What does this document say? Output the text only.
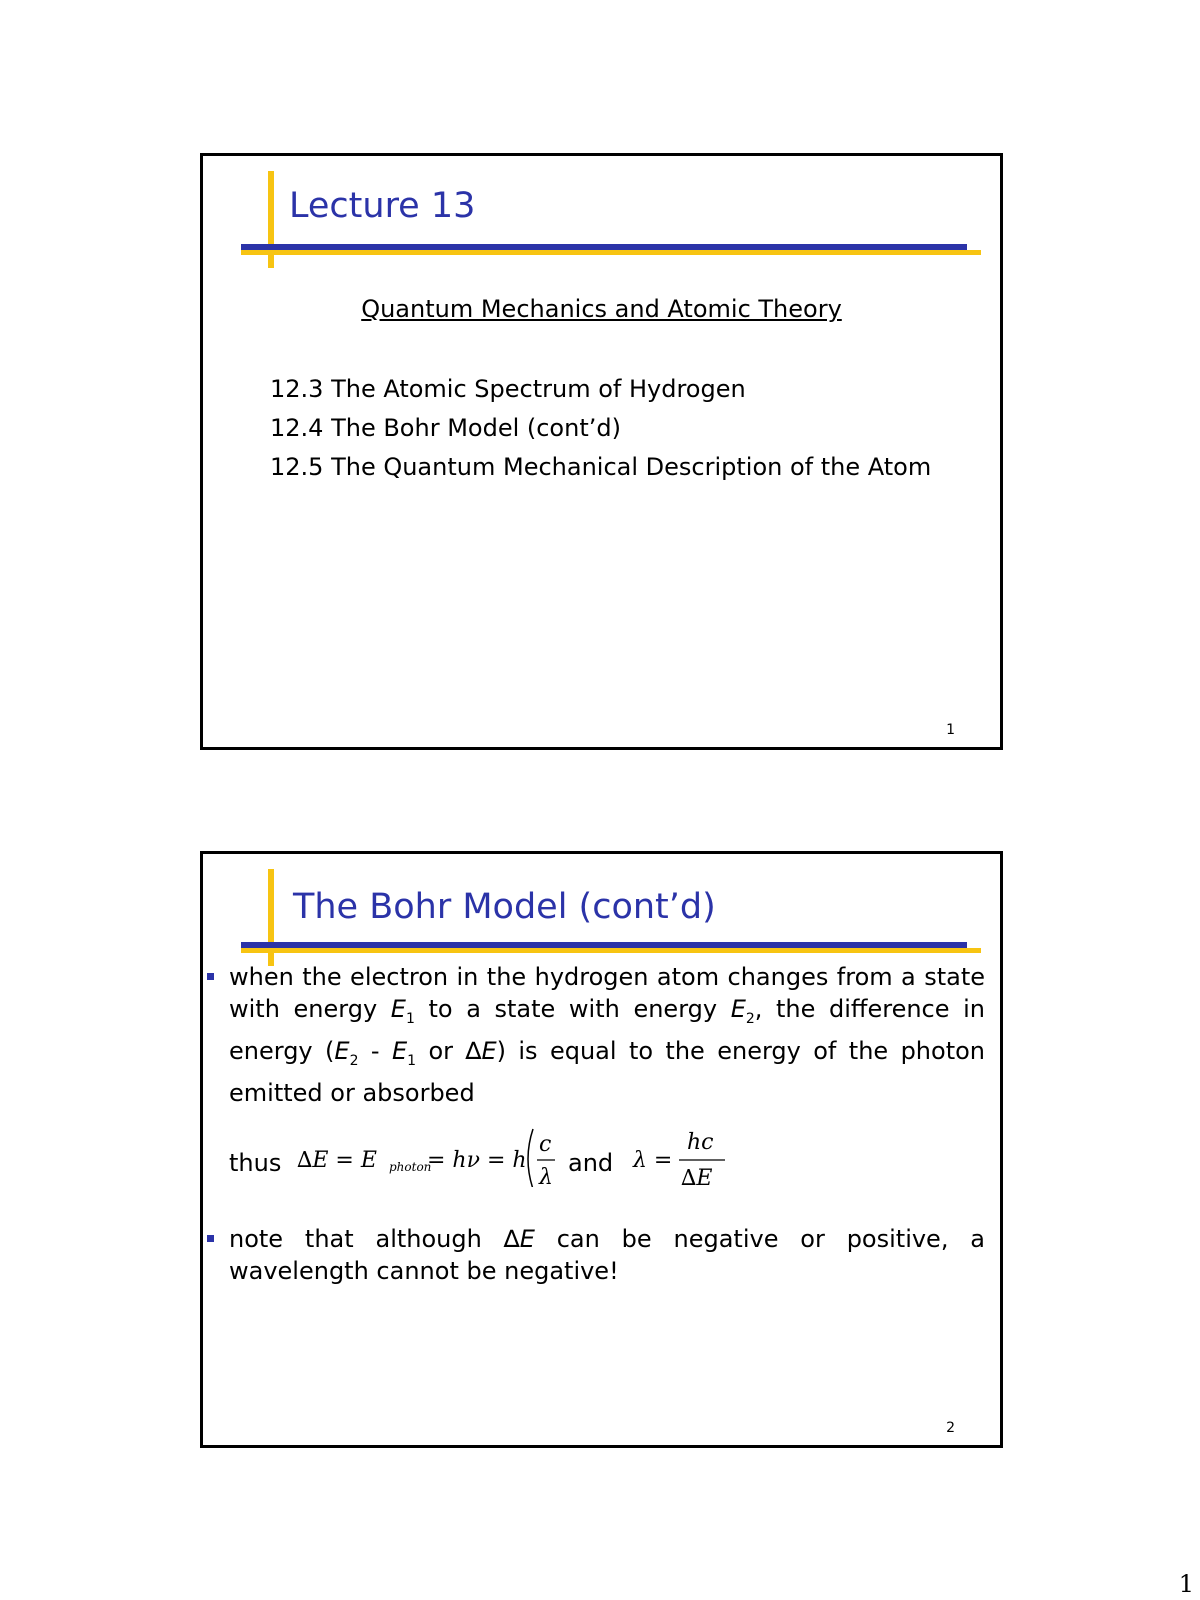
Lecture 13
Quantum Mechanics and Atomic Theory
12.3 The Atomic Spectrum of Hydrogen
12.4 The Bohr Model (cont’d)
12.5 The Quantum Mechanical Description of the Atom
1
The Bohr Model (cont’d)
when the electron in the hydrogen atom changes from a state with energy $E_1$ to a state with energy $E_2$, the difference in energy ($E_2 - E_1$ or ∆E) is equal to the energy of the photon emitted or absorbed
thus ∆E = E photon
= hν = h
c
λ
and λ =
hc
∆E
note that although ∆E can be negative or positive, a wavelength cannot be negative!
2
1
